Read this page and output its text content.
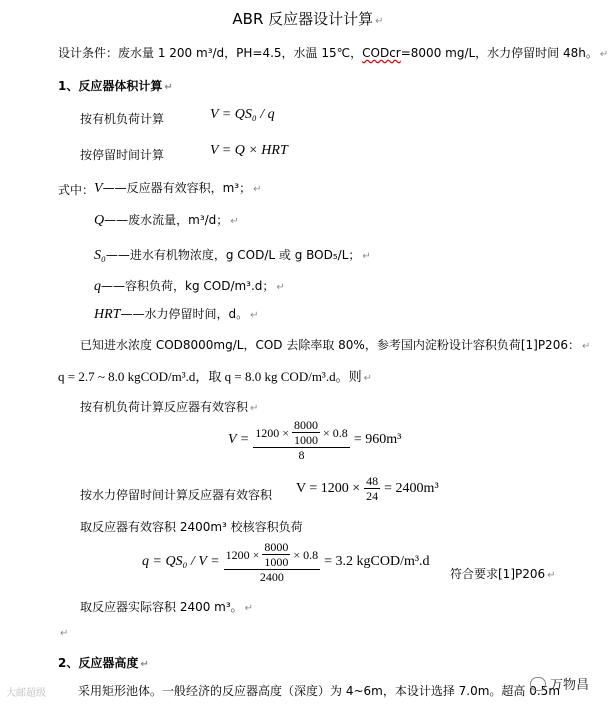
ABR 反应器设计计算 ↵
设计条件：废水量 1 200 m³/d，PH=4.5，水温 15℃，CODcr=8000 mg/L，水力停留时间 48h。 ↵
1、反应器体积计算 ↵
按有机负荷计算	V = QS₀ / q
按停留时间计算	V = Q × HRT
式中： V——反应器有效容积，m³； ↵
Q——废水流量，m³/d； ↵
S₀——进水有机物浓度，g COD/L 或 g BOD₅/L； ↵
q——容积负荷，kg COD/m³.d； ↵
HRT——水力停留时间，d。 ↵
已知进水浓度 COD8000mg/L，COD 去除率取 80%，参考国内淀粉设计容积负荷[1]P206： ↵
q = 2.7 ~ 8.0 kgCOD/m³.d，取 q = 8.0 kg COD/m³.d。则 ↵
按有机负荷计算反应器有效容积 ↵
$V = \frac{1200 \times \frac{8000}{1000} \times 0.8}{8} = 960m^3$
按水力停留时间计算反应器有效容积 $V = 1200 \times \frac{48}{24} = 2400m^3$
取反应器有效容积 2400m³ 校核容积负荷
$q = QS_0 / V = \frac{1200 \times \frac{8000}{1000} \times 0.8}{2400} = 3.2$ kgCOD/m³.d
符合要求[1]P206 ↵
取反应器实际容积 2400 m³。 ↵
↵
2、反应器高度 ↵
采用矩形池体。一般经济的反应器高度（深度）为 4~6m，本设计选择 7.0m。超高 0.5m
大邮超级
万物昌
